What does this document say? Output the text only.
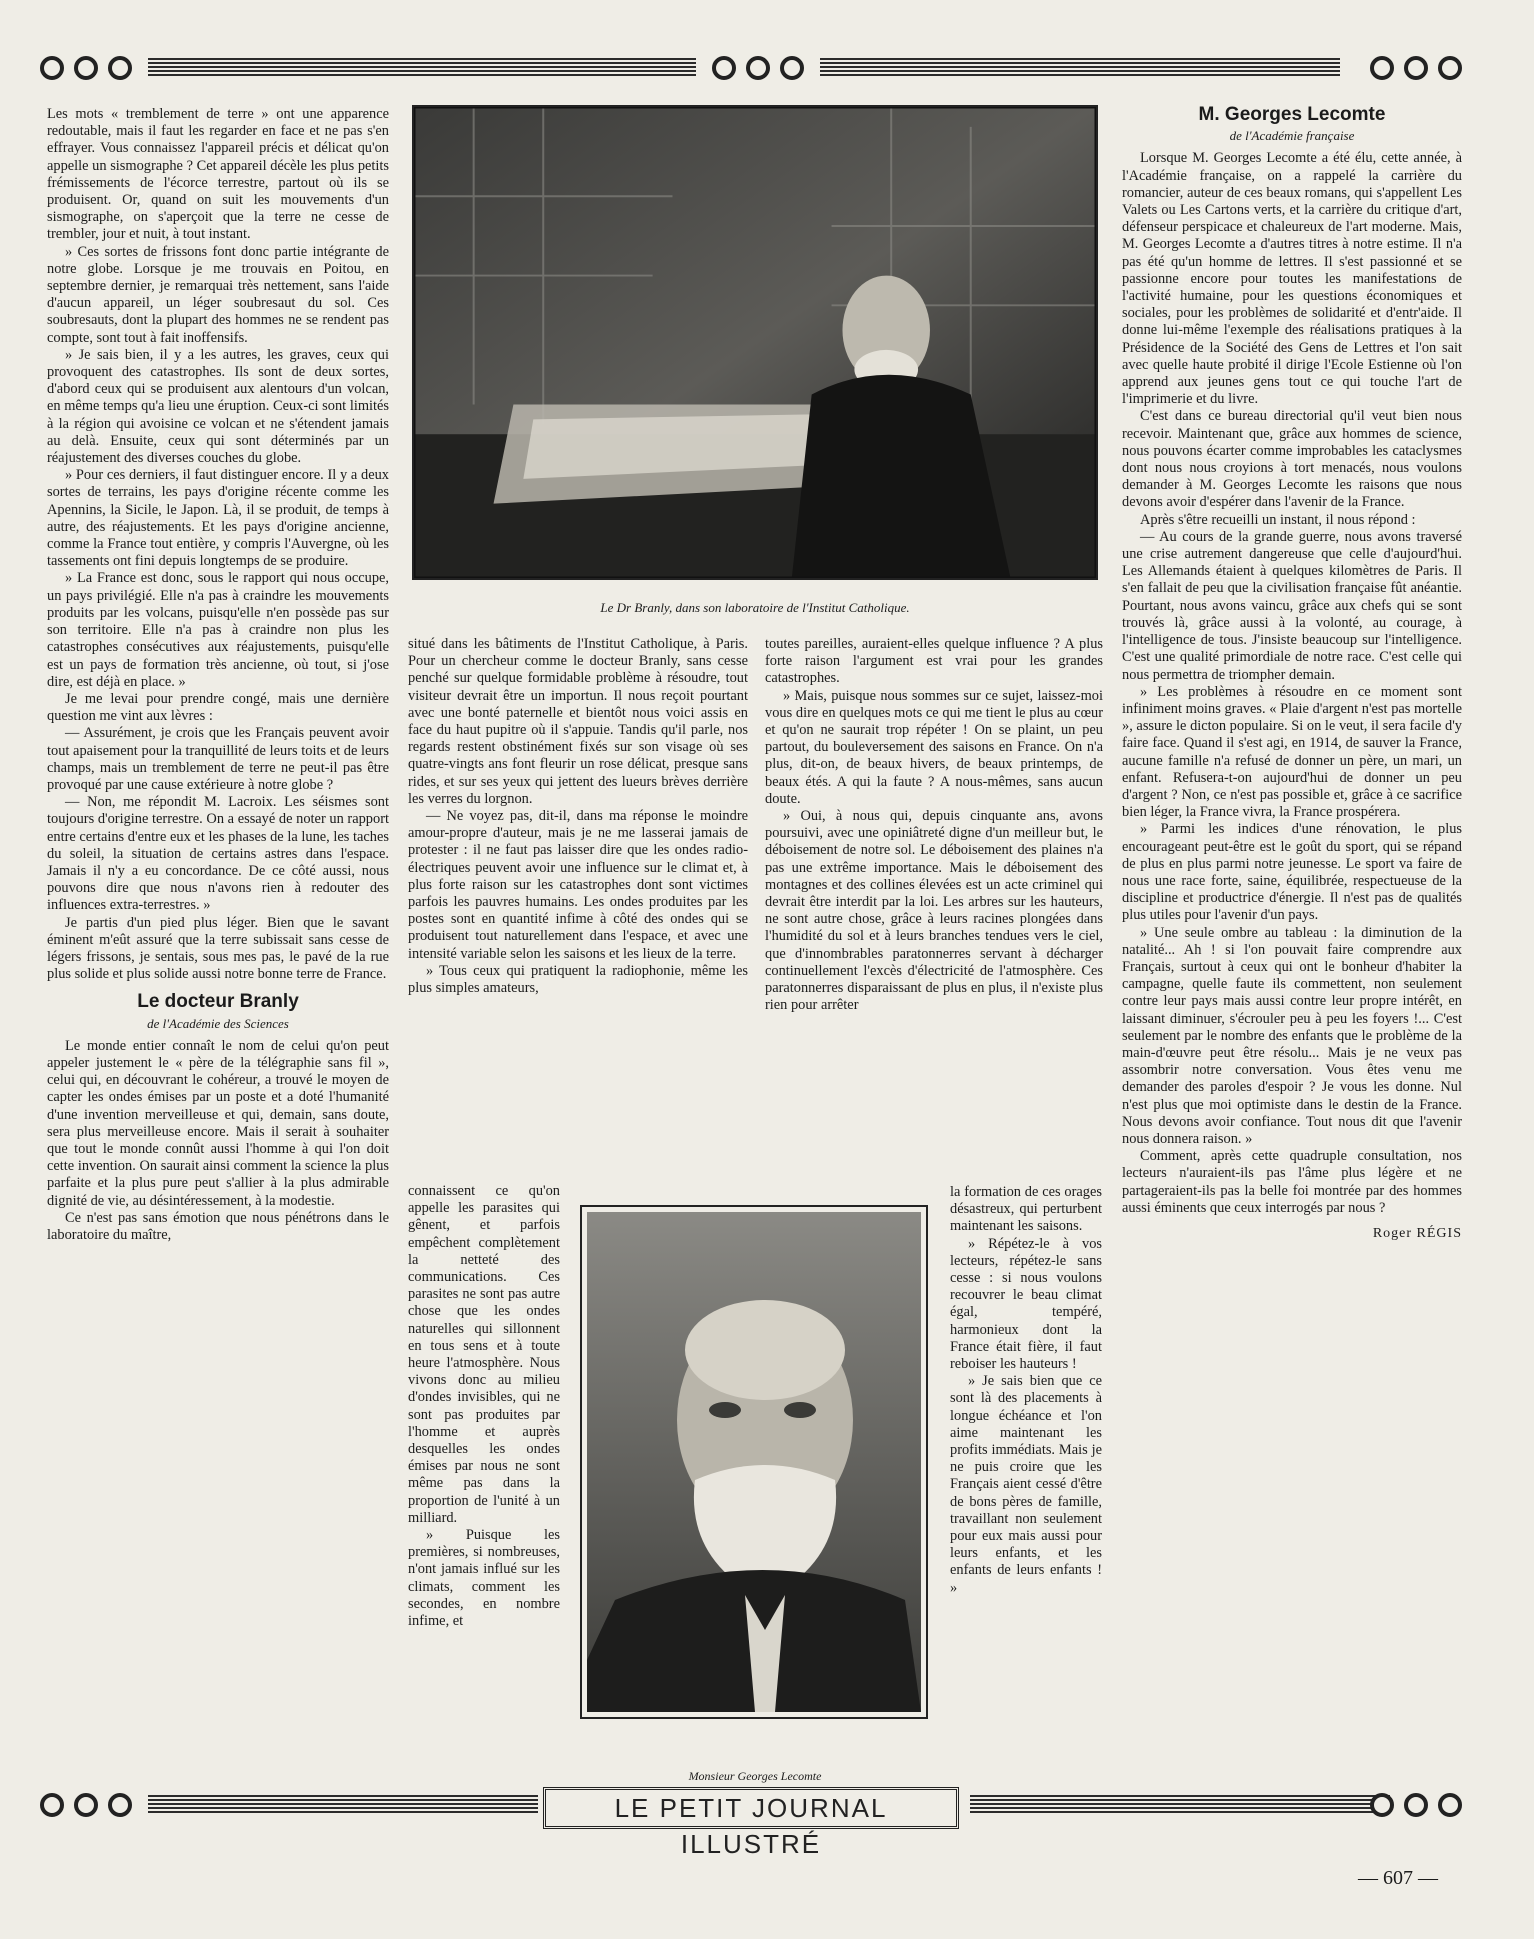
Les mots « tremblement de terre » ont une apparence redoutable, mais il faut les regarder en face et ne pas s'en effrayer. Vous connaissez l'appareil précis et délicat qu'on appelle un sismographe ? Cet appareil décèle les plus petits frémissements de l'écorce terrestre, partout où ils se produisent. Or, quand on suit les mouvements d'un sismographe, on s'aperçoit que la terre ne cesse de trembler, jour et nuit, à tout instant.

» Ces sortes de frissons font donc partie intégrante de notre globe. Lorsque je me trouvais en Poitou, en septembre dernier, je remarquai très nettement, sans l'aide d'aucun appareil, un léger soubresaut du sol. Ces soubresauts, dont la plupart des hommes ne se rendent pas compte, sont tout à fait inoffensifs.

» Je sais bien, il y a les autres, les graves, ceux qui provoquent des catastrophes. Ils sont de deux sortes, d'abord ceux qui se produisent aux alentours d'un volcan, en même temps qu'a lieu une éruption. Ceux-ci sont limités à la région qui avoisine ce volcan et ne s'étendent jamais au delà. Ensuite, ceux qui sont déterminés par un réajustement des diverses couches du globe.

» Pour ces derniers, il faut distinguer encore. Il y a deux sortes de terrains, les pays d'origine récente comme les Apennins, la Sicile, le Japon. Là, il se produit, de temps à autre, des réajustements. Et les pays d'origine ancienne, comme la France tout entière, y compris l'Auvergne, où les tassements ont fini depuis longtemps de se produire.

» La France est donc, sous le rapport qui nous occupe, un pays privilégié. Elle n'a pas à craindre les mouvements produits par les volcans, puisqu'elle n'en possède pas sur son territoire. Elle n'a pas à craindre non plus les catastrophes consécutives aux réajustements, puisqu'elle est un pays de formation très ancienne, où tout, si j'ose dire, est déjà en place. »

Je me levai pour prendre congé, mais une dernière question me vint aux lèvres :

— Assurément, je crois que les Français peuvent avoir tout apaisement pour la tranquillité de leurs toits et de leurs champs, mais un tremblement de terre ne peut-il pas être provoqué par une cause extérieure à notre globe ?

— Non, me répondit M. Lacroix. Les séismes sont toujours d'origine terrestre. On a essayé de noter un rapport entre certains d'entre eux et les phases de la lune, les taches du soleil, la situation de certains astres dans l'espace. Jamais il n'y a eu concordance. De ce côté aussi, nous pouvons dire que nous n'avons rien à redouter des influences extra-terrestres. »

Je partis d'un pied plus léger. Bien que le savant éminent m'eût assuré que la terre subissait sans cesse de légers frissons, je sentais, sous mes pas, le pavé de la rue plus solide et plus solide aussi notre bonne terre de France.

Le docteur Branly
de l'Académie des Sciences

Le monde entier connaît le nom de celui qu'on peut appeler justement le « père de la télégraphie sans fil », celui qui, en découvrant le cohéreur, a trouvé le moyen de capter les ondes émises par un poste et a doté l'humanité d'une invention merveilleuse et qui, demain, sans doute, sera plus merveilleuse encore. Mais il serait à souhaiter que tout le monde connût aussi l'homme à qui l'on doit cette invention. On saurait ainsi comment la science la plus parfaite et la plus pure peut s'allier à la plus admirable dignité de vie, au désintéressement, à la modestie.

Ce n'est pas sans émotion que nous pénétrons dans le laboratoire du maître,

Le Dr Branly, dans son laboratoire de l'Institut Catholique.

situé dans les bâtiments de l'Institut Catholique, à Paris. Pour un chercheur comme le docteur Branly, sans cesse penché sur quelque formidable problème à résoudre, tout visiteur devrait être un importun. Il nous reçoit pourtant avec une bonté paternelle et bientôt nous voici assis en face du haut pupitre où il s'appuie. Tandis qu'il parle, nos regards restent obstinément fixés sur son visage où ses quatre-vingts ans font fleurir un rose délicat, presque sans rides, et sur ses yeux qui jettent des lueurs brèves derrière les verres du lorgnon.

— Ne voyez pas, dit-il, dans ma réponse le moindre amour-propre d'auteur, mais je ne me lasserai jamais de protester : il ne faut pas laisser dire que les ondes radio-électriques peuvent avoir une influence sur le climat et, à plus forte raison sur les catastrophes dont sont victimes parfois les pauvres humains. Les ondes produites par les postes sont en quantité infime à côté des ondes qui se produisent tout naturellement dans l'espace, et avec une intensité variable selon les saisons et les lieux de la terre.

» Tous ceux qui pratiquent la radiophonie, même les plus simples amateurs,

connaissent ce qu'on appelle les parasites qui gênent, et parfois empêchent complètement la netteté des communications. Ces parasites ne sont pas autre chose que les ondes naturelles qui sillonnent en tous sens et à toute heure l'atmosphère. Nous vivons donc au milieu d'ondes invisibles, qui ne sont pas produites par l'homme et auprès desquelles les ondes émises par nous ne sont même pas dans la proportion de l'unité à un milliard.

» Puisque les premières, si nombreuses, n'ont jamais influé sur les climats, comment les secondes, en nombre infime, et

toutes pareilles, auraient-elles quelque influence ? A plus forte raison l'argument est vrai pour les grandes catastrophes.

» Mais, puisque nous sommes sur ce sujet, laissez-moi vous dire en quelques mots ce qui me tient le plus au cœur et qu'on ne saurait trop répéter ! On se plaint, un peu partout, du bouleversement des saisons en France. On n'a plus, dit-on, de beaux hivers, de beaux printemps, de beaux étés. A qui la faute ? A nous-mêmes, sans aucun doute.

» Oui, à nous qui, depuis cinquante ans, avons poursuivi, avec une opiniâtreté digne d'un meilleur but, le déboisement de notre sol. Le déboisement des plaines n'a pas une extrême importance. Mais le déboisement des montagnes et des collines élevées est un acte criminel qui devrait être interdit par la loi. Les arbres sur les hauteurs, ne sont autre chose, grâce à leurs racines plongées dans l'humidité du sol et à leurs branches tendues vers le ciel, que d'innombrables paratonnerres servant à décharger continuellement l'excès d'électricité de l'atmosphère. Ces paratonnerres disparaissant de plus en plus, il n'existe plus rien pour arrêter

la formation de ces orages désastreux, qui perturbent maintenant les saisons.

» Répétez-le à vos lecteurs, répétez-le sans cesse : si nous voulons recouvrer le beau climat égal, tempéré, harmonieux dont la France était fière, il faut reboiser les hauteurs !

» Je sais bien que ce sont là des placements à longue échéance et l'on aime maintenant les profits immédiats. Mais je ne puis croire que les Français aient cessé d'être de bons pères de famille, travaillant non seulement pour eux mais aussi pour leurs enfants, et les enfants de leurs enfants ! »

Monsieur Georges Lecomte
M. Georges Lecomte
de l'Académie française

Lorsque M. Georges Lecomte a été élu, cette année, à l'Académie française, on a rappelé la carrière du romancier, auteur de ces beaux romans, qui s'appellent Les Valets ou Les Cartons verts, et la carrière du critique d'art, défenseur perspicace et chaleureux de l'art moderne. Mais, M. Georges Lecomte a d'autres titres à notre estime. Il n'a pas été qu'un homme de lettres. Il s'est passionné et se passionne encore pour toutes les manifestations de l'activité humaine, pour les questions économiques et sociales, pour les problèmes de solidarité et d'entr'aide. Il donne lui-même l'exemple des réalisations pratiques à la Présidence de la Société des Gens de Lettres et l'on sait avec quelle haute probité il dirige l'Ecole Estienne où l'on apprend aux jeunes gens tout ce qui touche l'art de l'imprimerie et du livre.

C'est dans ce bureau directorial qu'il veut bien nous recevoir. Maintenant que, grâce aux hommes de science, nous pouvons écarter comme improbables les cataclysmes dont nous nous croyions à tort menacés, nous voulons demander à M. Georges Lecomte les raisons que nous devons avoir d'espérer dans l'avenir de la France.

Après s'être recueilli un instant, il nous répond :

— Au cours de la grande guerre, nous avons traversé une crise autrement dangereuse que celle d'aujourd'hui. Les Allemands étaient à quelques kilomètres de Paris. Il s'en fallait de peu que la civilisation française fût anéantie. Pourtant, nous avons vaincu, grâce aux chefs qui se sont trouvés là, grâce aussi à la volonté, au courage, à l'intelligence de tous. J'insiste beaucoup sur l'intelligence. C'est une qualité primordiale de notre race. C'est celle qui nous permettra de triompher demain.

» Les problèmes à résoudre en ce moment sont infiniment moins graves. « Plaie d'argent n'est pas mortelle », assure le dicton populaire. Si on le veut, il sera facile d'y faire face. Quand il s'est agi, en 1914, de sauver la France, aucune famille n'a refusé de donner un père, un mari, un enfant. Refusera-t-on aujourd'hui de donner un peu d'argent ? Non, ce n'est pas possible et, grâce à ce sacrifice bien léger, la France vivra, la France prospérera.

» Parmi les indices d'une rénovation, le plus encourageant peut-être est le goût du sport, qui se répand de plus en plus parmi notre jeunesse. Le sport va faire de nous une race forte, saine, équilibrée, respectueuse de la discipline et productrice d'énergie. Il n'est pas de qualités plus utiles pour l'avenir d'un pays.

» Une seule ombre au tableau : la diminution de la natalité... Ah ! si l'on pouvait faire comprendre aux Français, surtout à ceux qui ont le bonheur d'habiter la campagne, quelle faute ils commettent, non seulement contre leur pays mais aussi contre leur propre intérêt, en laissant diminuer, s'écrouler peu à peu les foyers !... C'est seulement par le nombre des enfants que le problème de la main-d'œuvre peut être résolu... Mais je ne veux pas assombrir notre conversation. Vous êtes venu me demander des paroles d'espoir ? Je vous les donne. Nul n'est plus que moi optimiste dans le destin de la France. Nous devons avoir confiance. Tout nous dit que l'avenir nous donnera raison. »

Comment, après cette quadruple consultation, nos lecteurs n'auraient-ils pas l'âme plus légère et ne partageraient-ils pas la belle foi montrée par des hommes aussi éminents que ceux interrogés par nous ?

Roger RÉGIS
LE PETIT JOURNAL ILLUSTRÉ
— 607 —
